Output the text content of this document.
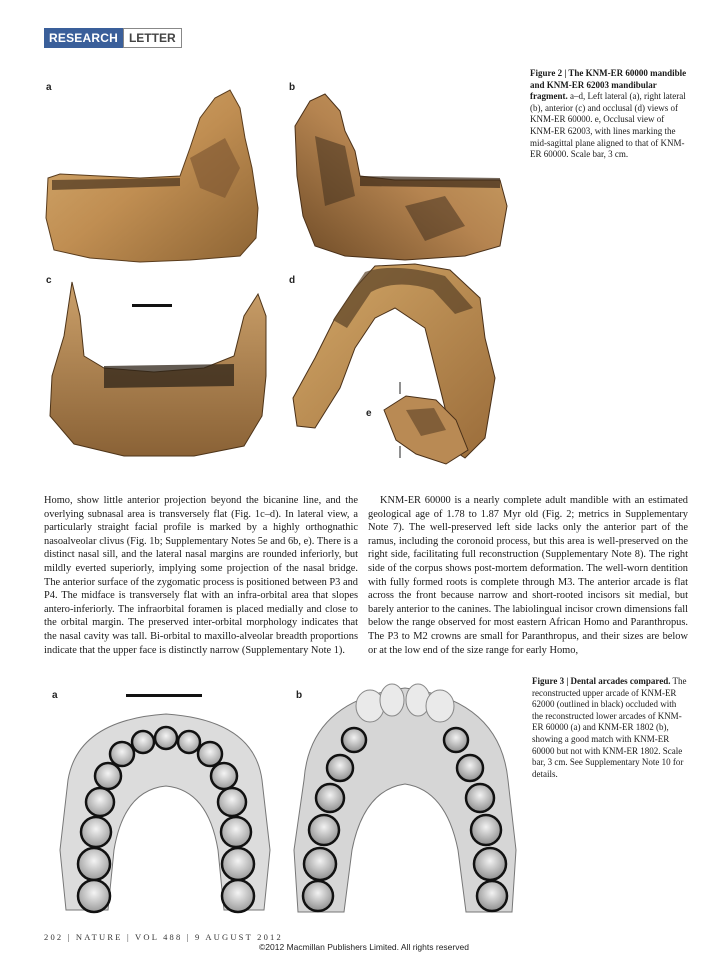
RESEARCH LETTER
a	b
c	d
e
Figure 2 | The KNM-ER 60000 mandible and KNM-ER 62003 mandibular fragment. a–d, Left lateral (a), right lateral (b), anterior (c) and occlusal (d) views of KNM-ER 60000. e, Occlusal view of KNM-ER 62003, with lines marking the mid-sagittal plane aligned to that of KNM-ER 60000. Scale bar, 3 cm.

Homo, show little anterior projection beyond the bicanine line, and the overlying subnasal area is transversely flat (Fig. 1c–d). In lateral view, a particularly straight facial profile is marked by a highly orthognathic nasoalveolar clivus (Fig. 1b; Supplementary Notes 5e and 6b, e). There is a distinct nasal sill, and the lateral nasal margins are rounded inferiorly, but mildly everted superiorly, implying some projection of the nasal bridge. The anterior surface of the zygomatic process is positioned between P3 and P4. The midface is transversely flat with an infra-orbital area that slopes antero-inferiorly. The infraorbital foramen is placed medially and close to the orbital margin. The preserved inter-orbital morphology indicates that the nasal cavity was tall. Bi-orbital to maxillo-alveolar breadth proportions indicate that the upper face is distinctly narrow (Supplementary Note 1).

KNM-ER 60000 is a nearly complete adult mandible with an estimated geological age of 1.78 to 1.87 Myr old (Fig. 2; metrics in Supplementary Note 7). The well-preserved left side lacks only the anterior part of the ramus, including the coronoid process, but this area is well-preserved on the right side, facilitating full reconstruction (Supplementary Note 8). The right side of the corpus shows post-mortem deformation. The well-worn dentition with fully formed roots is complete through M3. The anterior arcade is flat across the front because narrow and short-rooted incisors sit medial, but barely anterior to the canines. The labiolingual incisor crown dimensions fall below the range observed for most eastern African Homo and Paranthropus. The P3 to M2 crowns are small for Paranthropus, and their sizes are below or at the low end of the size range for early Homo,

a	b
Figure 3 | Dental arcades compared. The reconstructed upper arcade of KNM-ER 62000 (outlined in black) occluded with the reconstructed lower arcades of KNM-ER 60000 (a) and KNM-ER 1802 (b), showing a good match with KNM-ER 60000 but not with KNM-ER 1802. Scale bar, 3 cm. See Supplementary Note 10 for details.
202 | NATURE | VOL 488 | 9 AUGUST 2012
©2012 Macmillan Publishers Limited. All rights reserved
